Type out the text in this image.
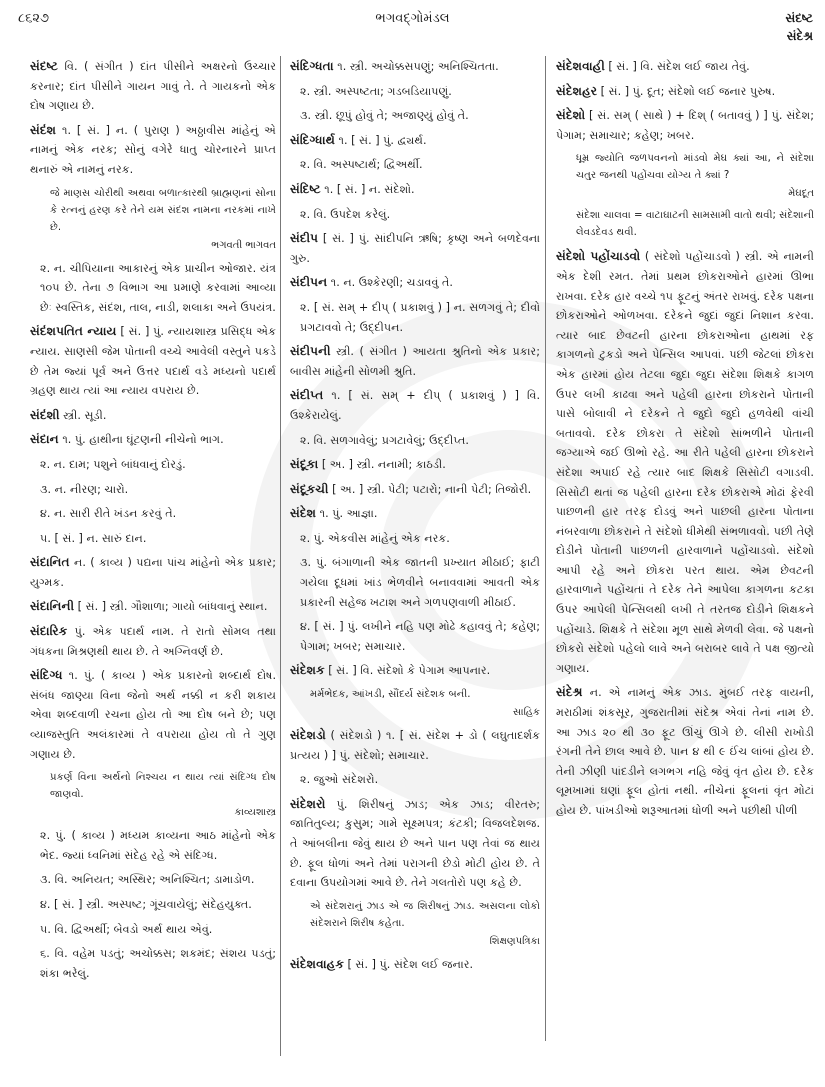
૮૬૨૭	ભગવદ્ગોમંડલ	સંદષ્ટ
સંદેશ્ર
સંદષ્ટ વિ. ( સંગીત ) દાંત પીસીને અક્ષરનો ઉચ્ચાર કરનાર; દાંત પીસીને ગાયન ગાવું તે. તે ગાયકનો એક દોષ ગણાય છે.
સંદંશ ૧. [ સં. ] ન. ( પુરાણ ) અઠ્ઠાવીસ માંહેનું એ નામનું એક નરક; સોનું વગેરે ધાતુ ચોરનારને પ્રાપ્ત થનારું એ નામનું નરક.
જે માણસ ચોરીથી અથવા બળાત્કારથી બ્રાહ્મણનાં સોના કે રત્નનું હરણ કરે તેને યમ સંદંશ નામના નરકમાં નાખે છે.
ભગવતી ભાગવત
૨. ન. ચીપિયાના આકારનું એક પ્રાચીન ઓજાર. યંત્ર ૧૦૫ છે. તેના ૭ વિભાગ આ પ્રમાણે કરવામાં આવ્યા છેઃ સ્વસ્તિક, સંદંશ, તાલ, નાડી, શલાકા અને ઉપયંત્ર.
સંદંશપતિત ન્યાય [ સં. ] પું. ન્યાયશાસ્ત્ર પ્રસિદ્ધ એક ન્યાય. સાણસી જેમ પોતાની વચ્ચે આવેલી વસ્તુને પકડે છે તેમ જ્યાં પૂર્વ અને ઉત્તર પદાર્થ વડે મધ્યનો પદાર્થ ગ્રહણ થાય ત્યાં આ ન્યાય વપરાય છે.
સંદંશી સ્ત્રી. સૂડી.
સંદાન ૧. પું. હાથીના ઘૂંટણની નીચેનો ભાગ.
૨. ન. દામ; પશુને બાંધવાનું દોરડું.
૩. ન. નીરણ; ચારો.
૪. ન. સારી રીતે ખંડન કરવું તે.
૫. [ સં. ] ન. સારું દાન.
સંદાનિત ન. ( કાવ્ય ) પદ્યના પાંચ માંહેનો એક પ્રકાર; યુગ્મક.
સંદાનિની [ સં. ] સ્ત્રી. ગૌશાળા; ગાયો બાંધવાનું સ્થાન.
સંદારિક પું. એક પદાર્થ નામ. તે રાતો સોમલ તથા ગંધકના મિશ્રણથી થાય છે. તે અગ્નિવર્ણ છે.
સંદિગ્ધ ૧. પું. ( કાવ્ય ) એક પ્રકારનો શબ્દાર્થ દોષ. સંબંધ જાણ્યા વિના જેનો અર્થ નક્કી ન કરી શકાય એવા શબ્દવાળી રચના હોય તો આ દોષ બને છે; પણ વ્યાજસ્તુતિ અલંકારમાં તે વપરાયા હોય તો તે ગુણ ગણાય છે.
પ્રકર્ણ વિના અર્થનો નિશ્ચય ન થાય ત્યાં સંદિગ્ધ દોષ જાણવો.
કાવ્યશાસ્ત્ર
૨. પું. ( કાવ્ય ) મધ્યમ કાવ્યના આઠ માંહેનો એક ભેદ. જ્યાં ધ્વનિમાં સંદેહ રહે એ સંદિગ્ધ.
૩. વિ. અનિયત; અસ્થિર; અનિશ્ચિત; ડામાડોળ.
૪. [ સં. ] સ્ત્રી. અસ્પષ્ટ; ગૂંચવાયેલું; સંદેહયુક્ત.
૫. વિ. દ્વિઅર્થી; બેવડો અર્થ થાય એવું.
૬. વિ. વહેમ પડતું; અચોક્કસ; શકમંદ; સંશય પડતું; શંકા ભરેલું.
સંદિગ્ધતા ૧. સ્ત્રી. અચોક્કસપણું; અનિશ્ચિતતા.
૨. સ્ત્રી. અસ્પષ્ટતા; ગડબડિયાપણું.
૩. સ્ત્રી. છૂપું હોવું તે; અજાણ્યું હોવું તે.
સંદિગ્ધાર્થ ૧. [ સં. ] પું. દ્વ્યર્થ.
૨. વિ. અસ્પષ્ટાર્થ; દ્વિઅર્થી.
સંદિષ્ટ ૧. [ સં. ] ન. સંદેશો.
૨. વિ. ઉપદેશ કરેલું.
સંદીપ [ સં. ] પું. સાંદીપનિ ઋષિ; કૃષ્ણ અને બળદેવના ગુરુ.
સંદીપન ૧. ન. ઉશ્કેરણી; ચડાવવું તે.
૨. [ સં. સમ્ + દીપ્ ( પ્રકાશવું ) ] ન. સળગવું તે; દીવો પ્રગટાવવો તે; ઉદ્દીપન.
સંદીપની સ્ત્રી. ( સંગીત ) આયતા શ્રુતિનો એક પ્રકાર; બાવીસ માંહેની સોળમી શ્રુતિ.
સંદીપ્ત ૧. [ સં. સમ્ + દીપ્ ( પ્રકાશવું ) ] વિ. ઉશ્કેરાયેલું.
૨. વિ. સળગાવેલું; પ્રગટાવેલું; ઉદ્દીપ્ત.
સંદૂકા [ અ. ] સ્ત્રી. નનામી; કાઠડી.
સંદૂકચી [ અ. ] સ્ત્રી. પેટી; પટારો; નાની પેટી; તિજોરી.
સંદેશ ૧. પું. આજ્ઞા.
૨. પું. એકવીસ માંહેનું એક નરક.
૩. પું. બંગાળાની એક જાતની પ્રખ્યાત મીઠાઈ; ફાટી ગયેલા દૂધમાં ખાંડ ભેળવીને બનાવવામાં આવતી એક પ્રકારની સહેજ ખટાશ અને ગળપણવાળી મીઠાઈ.
૪. [ સં. ] પું. લખીને નહિ પણ મોઢે કહાવવું તે; કહેણ; પેગામ; ખબર; સમાચાર.
સંદેશક [ સં. ] વિ. સંદેશો કે પેગામ આપનાર.
મર્મભેદક, આંખડી, સૌંદર્ય સંદેશક બની.
સાહિક
સંદેશડો ( સંદેશડો ) ૧. [ સં. સંદેશ + ડો ( લઘુતાદર્શક પ્રત્યય ) ] પું. સંદેશો; સમાચાર.
૨. જુઓ સંદેશરો.
સંદેશરો પું. શિરીષનું ઝાડ; એક ઝાડ; વીરતરુ; જાતિતુલ્ય; કુસુમ; ગામે સૂક્ષ્મપત્ર; કંટકી; વિજલદેશજ. તે આંબલીના જેવું થાય છે અને પાન પણ તેવાં જ થાય છે. ફૂલ ધોળાં અને તેમાં પરાગની છેડો મોટી હોય છે. તે દવાના ઉપયોગમાં આવે છે. તેને ગલતોરો પણ કહે છે.
એ સંદેશરાનું ઝાડ એ જ શિરીષનું ઝાડ. અસલના લોકો સંદેશરાને શિરીષ કહેતા.
શિક્ષણપત્રિકા
સંદેશવાહક [ સં. ] પું. સંદેશ લઈ જનાર.
સંદેશવાહી [ સં. ] વિ. સંદેશ લઈ જાય તેવું.
સંદેશહર [ સં. ] પું. દૂત; સંદેશો લઈ જનાર પુરુષ.
સંદેશો [ સં. સમ્ ( સાથે ) + દિશ્ ( બતાવવું ) ] પું. સંદેશ; પેગામ; સમાચાર; કહેણ; ખબર.
ધૂમ્ર જ્યોતિ જળપવનનો માંડવો મેઘ ક્યાં આ, ને સંદેશા ચતુર જનથી પહોંચવા યોગ્ય તે ક્યાં ?
મેઘદૂત
સંદેશા ચાલવા = વાટાઘાટની સામસામી વાતો થવી; સંદેશાની લેવડદેવડ થવી.
સંદેશો પહોંચાડવો ( સંદેશો પહોંચાડવો ) સ્ત્રી. એ નામની એક દેશી રમત. તેમાં પ્રથમ છોકરાઓને હારમાં ઊભા રાખવા. દરેક હાર વચ્ચે ૧૫ ફૂટનું અંતર રાખવું. દરેક પક્ષના છોકરાઓને ઓળખવા. દરેકને જુદાં જુદાં નિશાન કરવા. ત્યાર બાદ છેવટની હારના છોકરાઓના હાથમાં રફ કાગળનો ટુકડો અને પેન્સિલ આપવાં. પછી જેટલાં છોકરા એક હારમાં હોય તેટલા જુદા જુદા સંદેશા શિક્ષકે કાગળ ઉપર લખી કાઢવા અને પહેલી હારના છોકરાને પોતાની પાસે બોલાવી ને દરેકને તે જુદો જુદો હળવેથી વાંચી બતાવવો. દરેક છોકરા તે સંદેશો સાંભળીને પોતાની જગ્યાએ જઈ ઊભો રહે. આ રીતે પહેલી હારના છોકરાને સંદેશા અપાઈ રહે ત્યાર બાદ શિક્ષકે સિસોટી વગાડવી. સિસોટી થતાં જ પહેલી હારના દરેક છોકરાએ મોઢાં ફેરવી પાછળની હાર તરફ દોડવું અને પાછલી હારના પોતાના નંબરવાળા છોકરાને તે સંદેશો ધીમેથી સંભળાવવો. પછી તેણે દોડીને પોતાની પાછળની હારવાળાને પહોંચાડવો. સંદેશો આપી રહે અને છોકરા પરત થાય. એમ છેવટની હારવાળાને પહોંચતાં તે દરેક તેને આપેલા કાગળના કટકા ઉપર આપેલી પેન્સિલથી લખી તે તરતજ દોડીને શિક્ષકને પહોંચાડે. શિક્ષકે તે સંદેશા મૂળ સાથે મેળવી લેવા. જે પક્ષનો છોકરો સંદેશો પહેલો લાવે અને બરાબર લાવે તે પક્ષ જીત્યો ગણાય.
સંદેશ્ર ન. એ નામનું એક ઝાડ. મુંબઈ તરફ વાયની, મરાઠીમાં શંકસૂર, ગુજરાતીમાં સંદેશ્ર એવાં તેનાં નામ છે. આ ઝાડ ૨૦ થી ૩૦ ફૂટ ઊંચું ઊગે છે. લીસી રાખોડી રંગની તેને છાલ આવે છે. પાન ૪ થી ૯ ઈંચ લાંબાં હોય છે. તેની ઝીણી પાંદડીને લગભગ નહિ જેવું વૃંત હોય છે. દરેક લૂમખામાં ઘણાં ફૂલ હોતાં નથી. નીચેનાં ફૂલનાં વૃંત મોટાં હોય છે. પાંખડીઓ શરૂઆતમાં ધોળી અને પછીથી પીળી
